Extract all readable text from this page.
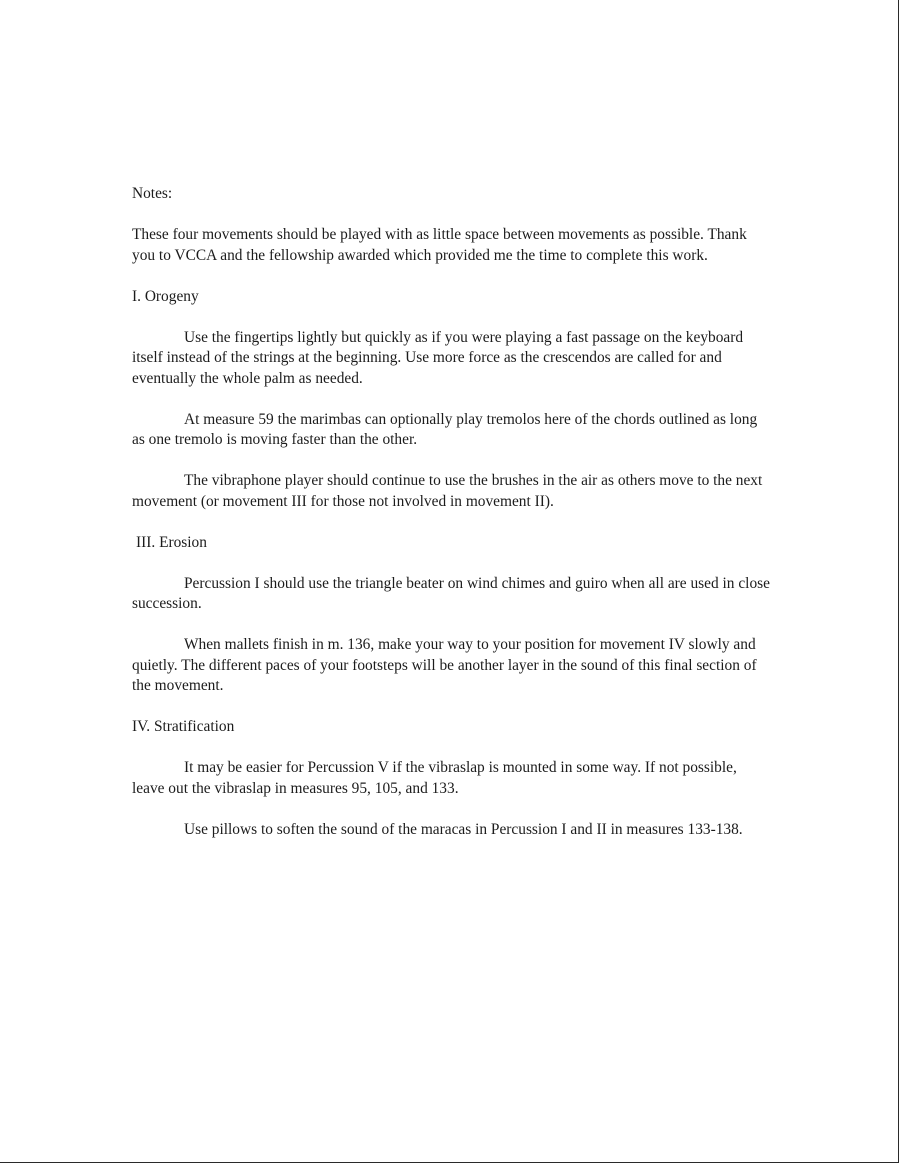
Notes:

These four movements should be played with as little space between movements as possible. Thank you to VCCA and the fellowship awarded which provided me the time to complete this work.

I. Orogeny

Use the fingertips lightly but quickly as if you were playing a fast passage on the keyboard itself instead of the strings at the beginning. Use more force as the crescendos are called for and eventually the whole palm as needed.

At measure 59 the marimbas can optionally play tremolos here of the chords outlined as long as one tremolo is moving faster than the other.

The vibraphone player should continue to use the brushes in the air as others move to the next movement (or movement III for those not involved in movement II).

III. Erosion

Percussion I should use the triangle beater on wind chimes and guiro when all are used in close succession.

When mallets finish in m. 136, make your way to your position for movement IV slowly and quietly. The different paces of your footsteps will be another layer in the sound of this final section of the movement.

IV. Stratification

It may be easier for Percussion V if the vibraslap is mounted in some way. If not possible, leave out the vibraslap in measures 95, 105, and 133.

Use pillows to soften the sound of the maracas in Percussion I and II in measures 133-138.
